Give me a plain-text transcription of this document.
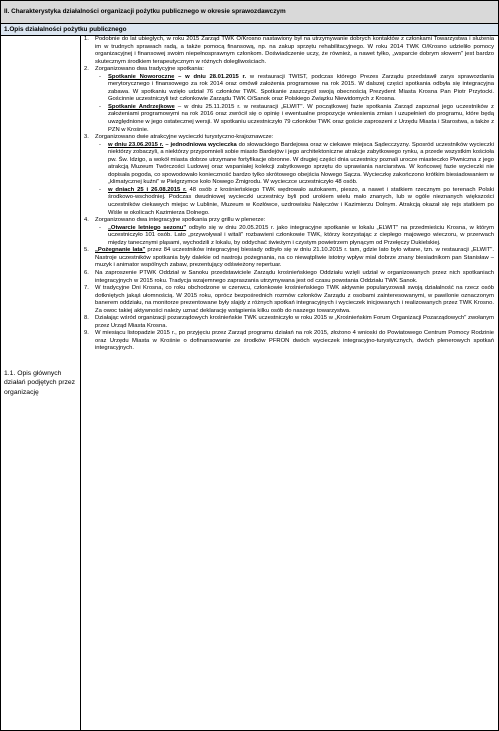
II. Charakterystyka działalności organizacji pożytku publicznego w okresie sprawozdawczym
1.Opis działalności pożytku publicznego
1.1. Opis głównych działań podjętych przez organizację
1. Podobnie do lat ubiegłych, w roku 2015 Zarząd TWK O/Krosno nastawiony był na utrzymywanie dobrych kontaktów z członkami Towarzystwa i służenia im w trudnych sprawach radą, a także pomocą finansową, np. na zakup sprzętu rehabilitacyjnego. W roku 2014 TWK O/Krosno udzieliło pomocy organizacyjnej i finansowej swoim niepełnosprawnym członkom. Doświadczenie uczy, że również, a nawet tyłko, „wsparcie dobrym słowem" jest bardzo skutecznym środkiem terapeutycznym w różnych dolegliwościach.
2. Zorganizowano dwa tradycyjne spotkania:
- Spotkanie Noworoczne – w dniu 28.01.2015 r. w restauracji TWIST, podczas którego Prezes Zarządu przedstawił zarys sprawozdania merytorycznego i finansowego za rok 2014 oraz omówił założenia programowe na rok 2015. W dalszej części spotkania odbyła się integracyjna zabawa. W spotkaniu wzięło udział 76 członków TWK. Spotkanie zaszczycił swoją obecnością Prezydent Miasta Krosna Pan Piotr Przytocki. Gościnnie uczestniczyli też członkowie Zarządu TWK O/Sanok oraz Polskiego Związku Niewidomych z Krosna.
- Spotkanie Andrzejkowe – w dniu 25.11.2015 r. w restauracji „ELWIT". W początkowej fazie spotkania Zarząd zapoznał jego uczestników z założeniami programowymi na rok 2016 oraz zwrócił się o opinię i ewentualne propozycje wniesienia zmian i uzupełnień do programu, które będą uwzględnione w jego ostatecznej wersji. W spotkaniu uczestniczyło 79 członków TWK oraz goście zaproszeni z Urzędu Miasta i Starostwa, a także z PZN w Krośnie.
3. Zorganizowano dwie atrakcyjne wycieczki turystyczno-krajoznawcze:
- w dniu 23.06.2015 r. – jednodniowa wycieczka do słowackiego Bardejowa oraz w ciekawe miejsca Sądecczyzny. Sposród uczestników wycieczki niektórzy zobaczyli, a niektórzy przypomnieli sobie miasto Bardejów i jego architektoniczne atrakcje zabytkowego rynku, a przede wszystkim kościoła pw. Św. Idzigo, a wokół miasta dobrze utrzymane fortyfikacje obronne. W drugiej części dnia uczestnicy poznali urocze miasteczko Piwniczna z jego atrakcją Muzeum Twórczości Ludowej oraz wspaniałej kolekcji zabytkowego sprzętu do uprawiania narciarstwa. W końcowej fazie wycieczki nie dopisała pogoda, co spowodowało konieczność bardzo tylko skrótowego obejścia Nowego Sącza. Wycieczkę zakończono krótkim biesiadowaniem w „klimatycznej kuźni" w Pielgrzymce koło Nowego Żmigrodu. W wycieczce uczestniczyło 48 osób.
- w dniach 25 i 26.08.2015 r. 48 osób z krośnieńskiego TWK wędrowało autokarem, pieszo, a nawet i statkiem rzecznym po terenach Polski środkowo-wschodniej. Podczas dwudniowej wycieczki uczestnicy byli pod urokiem wielu mało znanych, lub w ogóle nieznanych większości uczestników ciekawych miejsc w Lublinie, Muzeum w Kozłówce, uzdrowisku Nałęczów i Kazimierzu Dolnym. Atrakcją okazał się rejs statkiem po Wiśle w okolicach Kazimierza Dolnego.
4. Zorganizowano dwa integracyjne spotkania przy grillu w plenerze:
- „Otwarcie letniego sezonu" odbyło się w dniu 20.05.2015 r. jako integracyjne spotkanie w lokalu „ELWIT" na przedmieściu Krosna, w którym uczestniczyło 101 osób. Lato „przywoływał i witali" rozbawieni członkowie TWK, którzy korzystając z ciepłego majowego wieczoru, w przerwach między tanecznymi pląsami, wychodzili z lokalu, by oddychać świeżym i czystym powietrzem płynącym od Przełęczy Dukielskiej.
5. „Pożegnanie lata" przez 84 uczestników integracyjnej biesiady odbyło się w dniu 21.10.2015 r. tam, gdzie lato było witane, tzn. w restauracji „ELWIT". Nastroje uczestników spotkania były dalekie od nastroju pożegnania, na co niewątpliwie istotny wpływ miał dobrze znany biesiadnikom pan Stanisław – muzyk i animator wspólnych zabaw, prezentujący odświeżony repertuar.
6. Na zaproszenie PTWK Oddział w Sanoku przedstawiciele Zarządu krośnieńskiego Oddziału wzięli udział w organizowanych przez nich spotkaniach integracyjnych w 2015 roku. Tradycja wzajemnego zapraszania utrzymywana jest od czasu powstania Oddziału TWK Sanok.
7. W tradycyjne Dni Krosna, co roku obchodzone w czerwcu, członkowie krośnieńskiego TWK aktywnie popularyzowali swoją działalność na rzecz osób dotkniętych jakąś ułomnością. W 2015 roku, oprócz bezpośrednich rozmów członków Zarządu z osobami zainteresowanymi, w pawilonie oznaczonym banerem oddziału, na monitorze prezentowane były slajdy z różnych spotkań integracyjnych i wycieczek inicjowanych i realizowanych przez TWK Krosno. Za owoc takiej aktywności należy uznać deklarację wstąpienia kilku osób do naszego towarzystwa.
8. Działając wśród organizacji pozarządowych krośnieńskie TWK uczestniczyło w roku 2015 w „Krośnieńskim Forum Organizacji Pozarządowych" zwołanym przez Urząd Miasta Krosna.
9. W miesiącu listopadzie 2015 r., po przyjęciu przez Zarząd programu działań na rok 2015, złożono 4 wnioski do Powiatowego Centrum Pomocy Rodzinie oraz Urzędu Miasta w Krośnie o dofinansowanie ze środków PFRON dwóch wycieczek integracyjno-turystycznych, dwóch plenerowych spotkań integracyjnych.
